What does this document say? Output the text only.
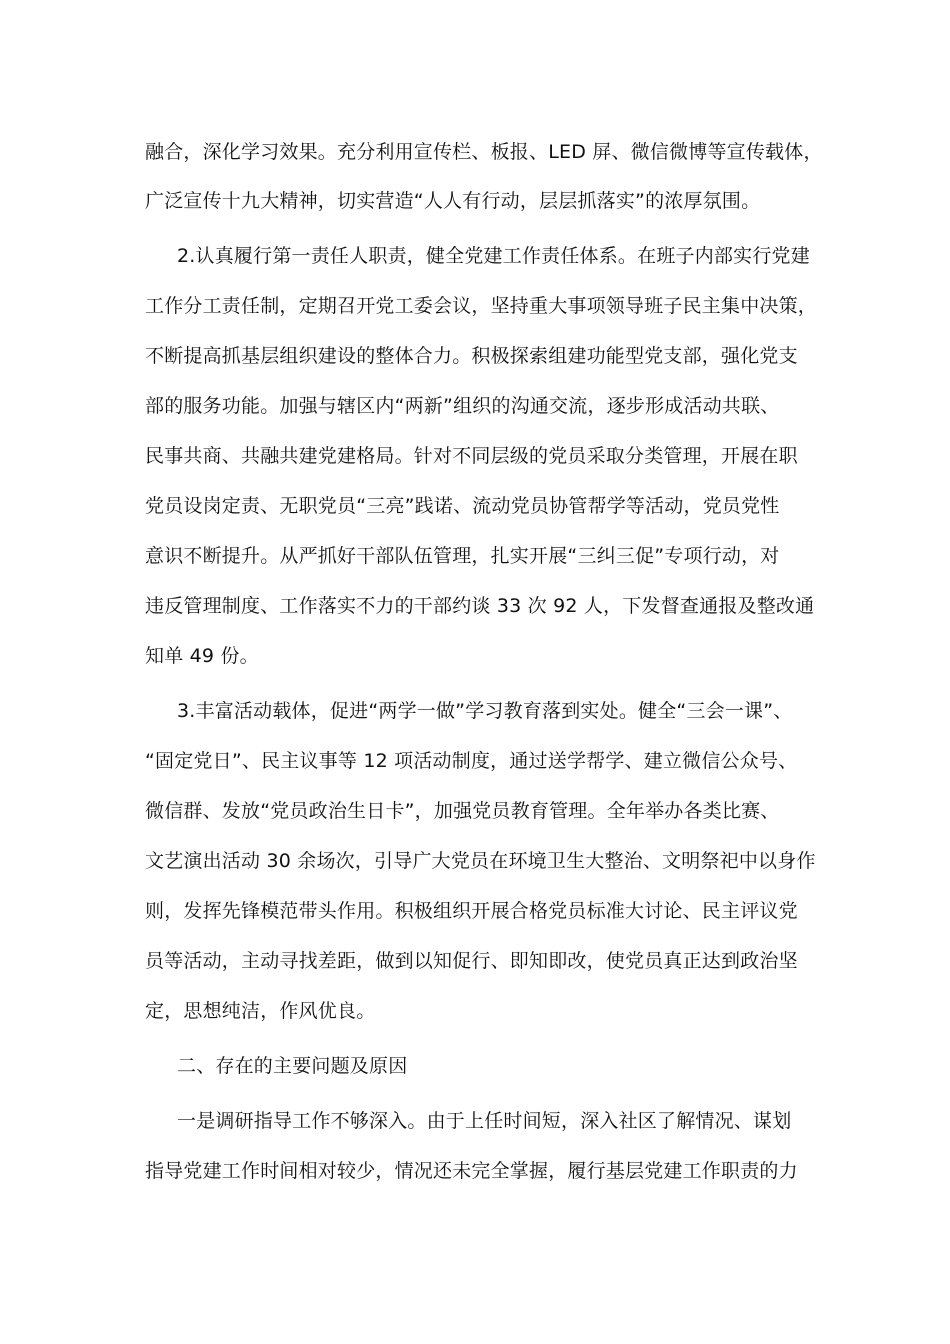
融合，深化学习效果。充分利用宣传栏、板报、LED 屏、微信微博等宣传载体，
广泛宣传十九大精神，切实营造“人人有行动，层层抓落实”的浓厚氛围。
2.认真履行第一责任人职责，健全党建工作责任体系。在班子内部实行党建
工作分工责任制，定期召开党工委会议，坚持重大事项领导班子民主集中决策，
不断提高抓基层组织建设的整体合力。积极探索组建功能型党支部，强化党支
部的服务功能。加强与辖区内“两新”组织的沟通交流，逐步形成活动共联、
民事共商、共融共建党建格局。针对不同层级的党员采取分类管理，开展在职
党员设岗定责、无职党员“三亮”践诺、流动党员协管帮学等活动，党员党性
意识不断提升。从严抓好干部队伍管理，扎实开展“三纠三促”专项行动，对
违反管理制度、工作落实不力的干部约谈 33 次 92 人，下发督查通报及整改通
知单 49 份。
3.丰富活动载体，促进“两学一做”学习教育落到实处。健全“三会一课”、
“固定党日”、民主议事等 12 项活动制度，通过送学帮学、建立微信公众号、
微信群、发放“党员政治生日卡”，加强党员教育管理。全年举办各类比赛、
文艺演出活动 30 余场次，引导广大党员在环境卫生大整治、文明祭祀中以身作
则，发挥先锋模范带头作用。积极组织开展合格党员标准大讨论、民主评议党
员等活动，主动寻找差距，做到以知促行、即知即改，使党员真正达到政治坚
定，思想纯洁，作风优良。
二、存在的主要问题及原因
一是调研指导工作不够深入。由于上任时间短，深入社区了解情况、谋划
指导党建工作时间相对较少，情况还未完全掌握，履行基层党建工作职责的力
